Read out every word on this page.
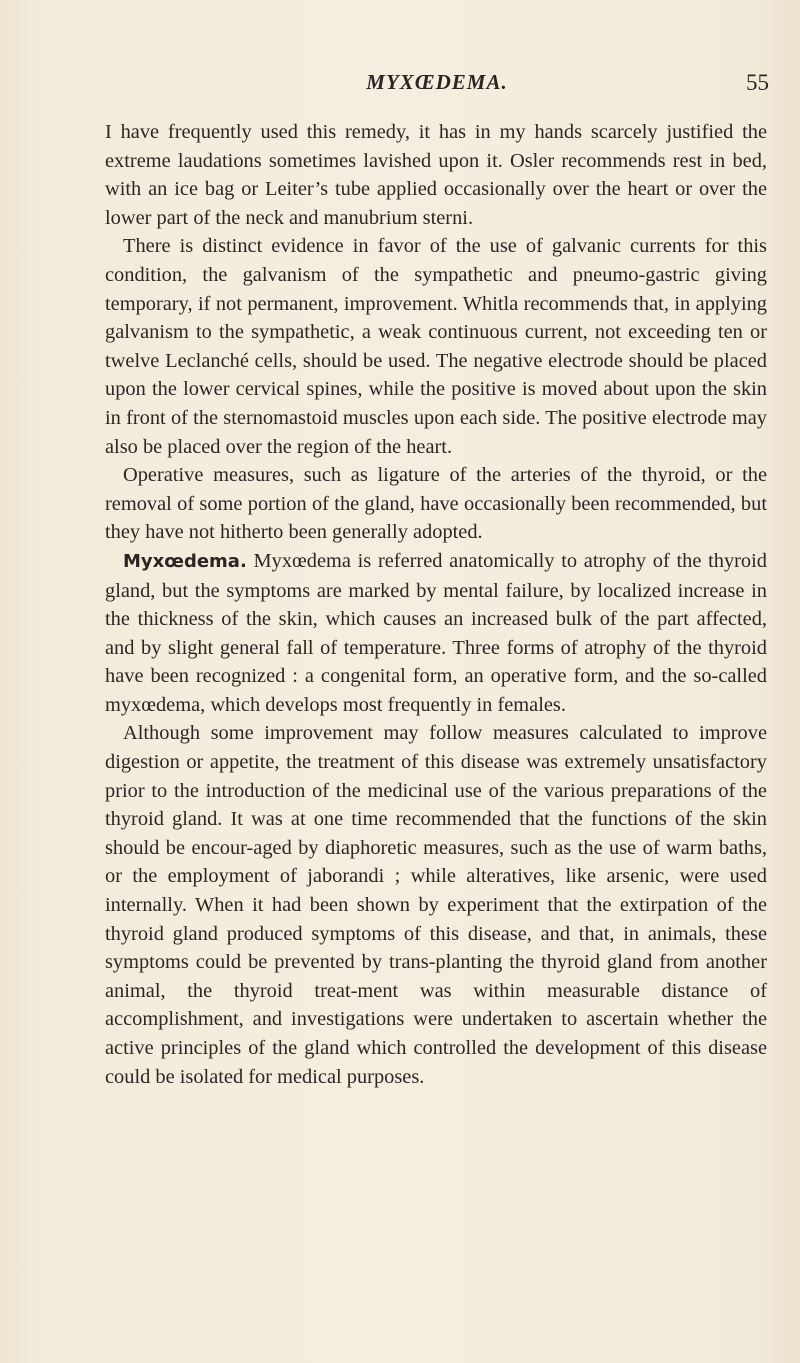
MYXŒDEMA.	55

I have frequently used this remedy, it has in my hands scarcely justified the extreme laudations sometimes lavished upon it. Osler recommends rest in bed, with an ice bag or Leiter’s tube applied occasionally over the heart or over the lower part of the neck and manubrium sterni.

There is distinct evidence in favor of the use of galvanic currents for this condition, the galvanism of the sympathetic and pneumo-gastric giving temporary, if not permanent, improvement. Whitla recommends that, in applying galvanism to the sympathetic, a weak continuous current, not exceeding ten or twelve Leclanché cells, should be used. The negative electrode should be placed upon the lower cervical spines, while the positive is moved about upon the skin in front of the sternomastoid muscles upon each side. The positive electrode may also be placed over the region of the heart.

Operative measures, such as ligature of the arteries of the thyroid, or the removal of some portion of the gland, have occasionally been recommended, but they have not hitherto been generally adopted.

Myxœdema. Myxœdema is referred anatomically to atrophy of the thyroid gland, but the symptoms are marked by mental failure, by localized increase in the thickness of the skin, which causes an increased bulk of the part affected, and by slight general fall of temperature. Three forms of atrophy of the thyroid have been recognized : a congenital form, an operative form, and the so-called myxœdema, which develops most frequently in females.

Although some improvement may follow measures calculated to improve digestion or appetite, the treatment of this disease was extremely unsatisfactory prior to the introduction of the medicinal use of the various preparations of the thyroid gland. It was at one time recommended that the functions of the skin should be encour-aged by diaphoretic measures, such as the use of warm baths, or the employment of jaborandi ; while alteratives, like arsenic, were used internally. When it had been shown by experiment that the extirpation of the thyroid gland produced symptoms of this disease, and that, in animals, these symptoms could be prevented by trans-planting the thyroid gland from another animal, the thyroid treat-ment was within measurable distance of accomplishment, and investigations were undertaken to ascertain whether the active principles of the gland which controlled the development of this disease could be isolated for medical purposes.
